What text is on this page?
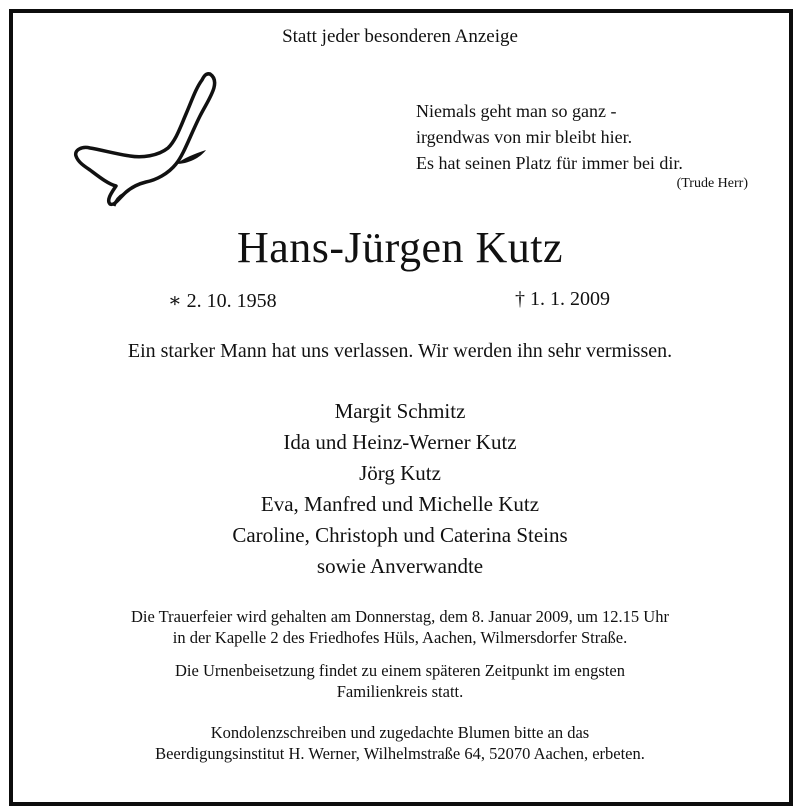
Statt jeder besonderen Anzeige
Niemals geht man so ganz -
irgendwas von mir bleibt hier.
Es hat seinen Platz für immer bei dir.
(Trude Herr)
Hans-Jürgen Kutz
∗ 2. 10. 1958	† 1. 1. 2009
Ein starker Mann hat uns verlassen. Wir werden ihn sehr vermissen.
Margit Schmitz
Ida und Heinz-Werner Kutz
Jörg Kutz
Eva, Manfred und Michelle Kutz
Caroline, Christoph und Caterina Steins
sowie Anverwandte
Die Trauerfeier wird gehalten am Donnerstag, dem 8. Januar 2009, um 12.15 Uhr
in der Kapelle 2 des Friedhofes Hüls, Aachen, Wilmersdorfer Straße.
Die Urnenbeisetzung findet zu einem späteren Zeitpunkt im engsten
Familienkreis statt.
Kondolenzschreiben und zugedachte Blumen bitte an das
Beerdigungsinstitut H. Werner, Wilhelmstraße 64, 52070 Aachen, erbeten.
